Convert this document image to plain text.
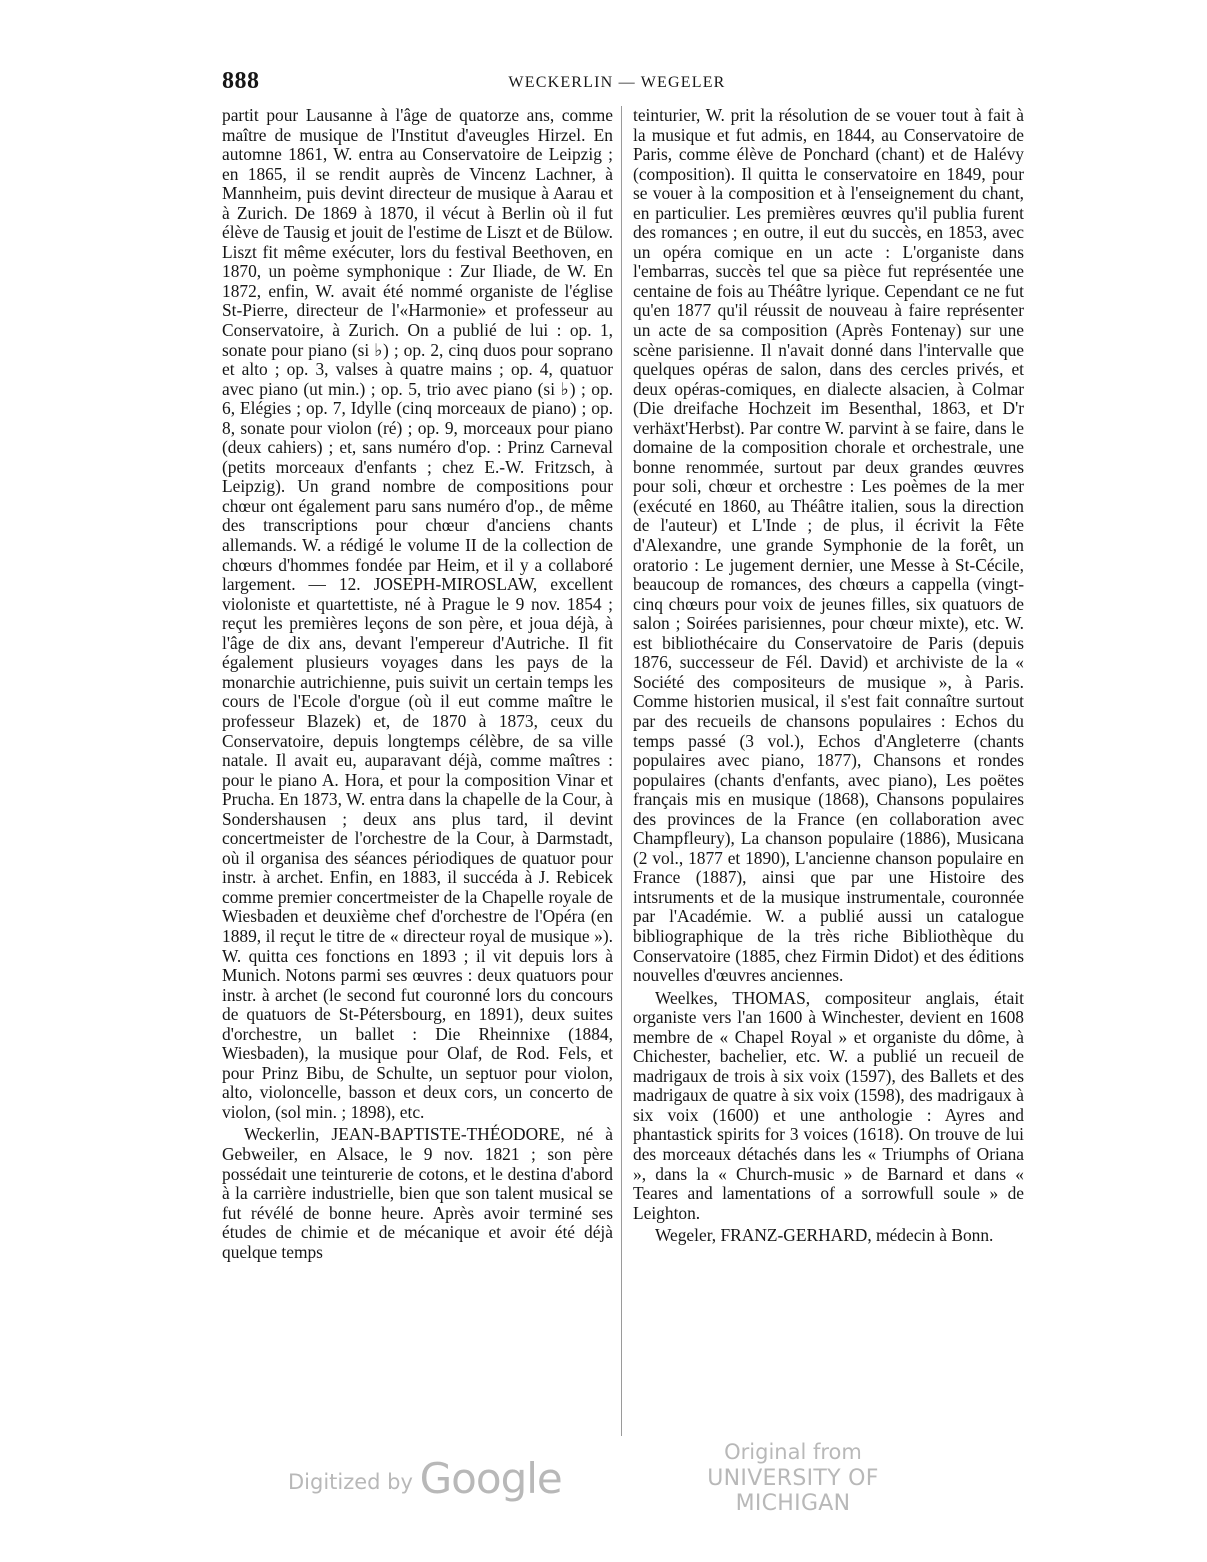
888	WECKERLIN — WEGELER

partit pour Lausanne à l'âge de quatorze ans, comme maître de musique de l'Institut d'aveugles Hirzel. En automne 1861, W. entra au Conservatoire de Leipzig ; en 1865, il se rendit auprès de Vincenz Lachner, à Mannheim, puis devint directeur de musique à Aarau et à Zurich. De 1869 à 1870, il vécut à Berlin où il fut élève de Tausig et jouit de l'estime de Liszt et de Bülow. Liszt fit même exécuter, lors du festival Beethoven, en 1870, un poème symphonique : Zur Iliade, de W. En 1872, enfin, W. avait été nommé organiste de l'église St-Pierre, directeur de l'«Harmonie» et professeur au Conservatoire, à Zurich. On a publié de lui : op. 1, sonate pour piano (si ♭) ; op. 2, cinq duos pour soprano et alto ; op. 3, valses à quatre mains ; op. 4, quatuor avec piano (ut min.) ; op. 5, trio avec piano (si ♭) ; op. 6, Elégies ; op. 7, Idylle (cinq morceaux de piano) ; op. 8, sonate pour violon (ré) ; op. 9, morceaux pour piano (deux cahiers) ; et, sans numéro d'op. : Prinz Carneval (petits morceaux d'enfants ; chez E.-W. Fritzsch, à Leipzig). Un grand nombre de compositions pour chœur ont également paru sans numéro d'op., de même des transcriptions pour chœur d'anciens chants allemands. W. a rédigé le volume II de la collection de chœurs d'hommes fondée par Heim, et il y a collaboré largement. — 12. JOSEPH-MIROSLAW, excellent violoniste et quartettiste, né à Prague le 9 nov. 1854 ; reçut les premières leçons de son père, et joua déjà, à l'âge de dix ans, devant l'empereur d'Autriche. Il fit également plusieurs voyages dans les pays de la monarchie autrichienne, puis suivit un certain temps les cours de l'Ecole d'orgue (où il eut comme maître le professeur Blazek) et, de 1870 à 1873, ceux du Conservatoire, depuis longtemps célèbre, de sa ville natale. Il avait eu, auparavant déjà, comme maîtres : pour le piano A. Hora, et pour la composition Vinar et Prucha. En 1873, W. entra dans la chapelle de la Cour, à Sondershausen ; deux ans plus tard, il devint concertmeister de l'orchestre de la Cour, à Darmstadt, où il organisa des séances périodiques de quatuor pour instr. à archet. Enfin, en 1883, il succéda à J. Rebicek comme premier concertmeister de la Chapelle royale de Wiesbaden et deuxième chef d'orchestre de l'Opéra (en 1889, il reçut le titre de « directeur royal de musique »). W. quitta ces fonctions en 1893 ; il vit depuis lors à Munich. Notons parmi ses œuvres : deux quatuors pour instr. à archet (le second fut couronné lors du concours de quatuors de St-Pétersbourg, en 1891), deux suites d'orchestre, un ballet : Die Rheinnixe (1884, Wiesbaden), la musique pour Olaf, de Rod. Fels, et pour Prinz Bibu, de Schulte, un septuor pour violon, alto, violoncelle, basson et deux cors, un concerto de violon, (sol min. ; 1898), etc.

Weckerlin, JEAN-BAPTISTE-THÉODORE, né à Gebweiler, en Alsace, le 9 nov. 1821 ; son père possédait une teinturerie de cotons, et le destina d'abord à la carrière industrielle, bien que son talent musical se fut révélé de bonne heure. Après avoir terminé ses études de chimie et de mécanique et avoir été déjà quelque temps

teinturier, W. prit la résolution de se vouer tout à fait à la musique et fut admis, en 1844, au Conservatoire de Paris, comme élève de Ponchard (chant) et de Halévy (composition). Il quitta le conservatoire en 1849, pour se vouer à la composition et à l'enseignement du chant, en particulier. Les premières œuvres qu'il publia furent des romances ; en outre, il eut du succès, en 1853, avec un opéra comique en un acte : L'organiste dans l'embarras, succès tel que sa pièce fut représentée une centaine de fois au Théâtre lyrique. Cependant ce ne fut qu'en 1877 qu'il réussit de nouveau à faire représenter un acte de sa composition (Après Fontenay) sur une scène parisienne. Il n'avait donné dans l'intervalle que quelques opéras de salon, dans des cercles privés, et deux opéras-comiques, en dialecte alsacien, à Colmar (Die dreifache Hochzeit im Besenthal, 1863, et D'r verhäxt'Herbst). Par contre W. parvint à se faire, dans le domaine de la composition chorale et orchestrale, une bonne renommée, surtout par deux grandes œuvres pour soli, chœur et orchestre : Les poèmes de la mer (exécuté en 1860, au Théâtre italien, sous la direction de l'auteur) et L'Inde ; de plus, il écrivit la Fête d'Alexandre, une grande Symphonie de la forêt, un oratorio : Le jugement dernier, une Messe à St-Cécile, beaucoup de romances, des chœurs a cappella (vingt-cinq chœurs pour voix de jeunes filles, six quatuors de salon ; Soirées parisiennes, pour chœur mixte), etc. W. est bibliothécaire du Conservatoire de Paris (depuis 1876, successeur de Fél. David) et archiviste de la « Société des compositeurs de musique », à Paris. Comme historien musical, il s'est fait connaître surtout par des recueils de chansons populaires : Echos du temps passé (3 vol.), Echos d'Angleterre (chants populaires avec piano, 1877), Chansons et rondes populaires (chants d'enfants, avec piano), Les poëtes français mis en musique (1868), Chansons populaires des provinces de la France (en collaboration avec Champfleury), La chanson populaire (1886), Musicana (2 vol., 1877 et 1890), L'ancienne chanson populaire en France (1887), ainsi que par une Histoire des intsruments et de la musique instrumentale, couronnée par l'Académie. W. a publié aussi un catalogue bibliographique de la très riche Bibliothèque du Conservatoire (1885, chez Firmin Didot) et des éditions nouvelles d'œuvres anciennes.

Weelkes, THOMAS, compositeur anglais, était organiste vers l'an 1600 à Winchester, devient en 1608 membre de « Chapel Royal » et organiste du dôme, à Chichester, bachelier, etc. W. a publié un recueil de madrigaux de trois à six voix (1597), des Ballets et des madrigaux de quatre à six voix (1598), des madrigaux à six voix (1600) et une anthologie : Ayres and phantastick spirits for 3 voices (1618). On trouve de lui des morceaux détachés dans les « Triumphs of Oriana », dans la « Church-music » de Barnard et dans « Teares and lamentations of a sorrowfull soule » de Leighton.

Wegeler, FRANZ-GERHARD, médecin à Bonn.

Digitized by Google
Original from
UNIVERSITY OF MICHIGAN
